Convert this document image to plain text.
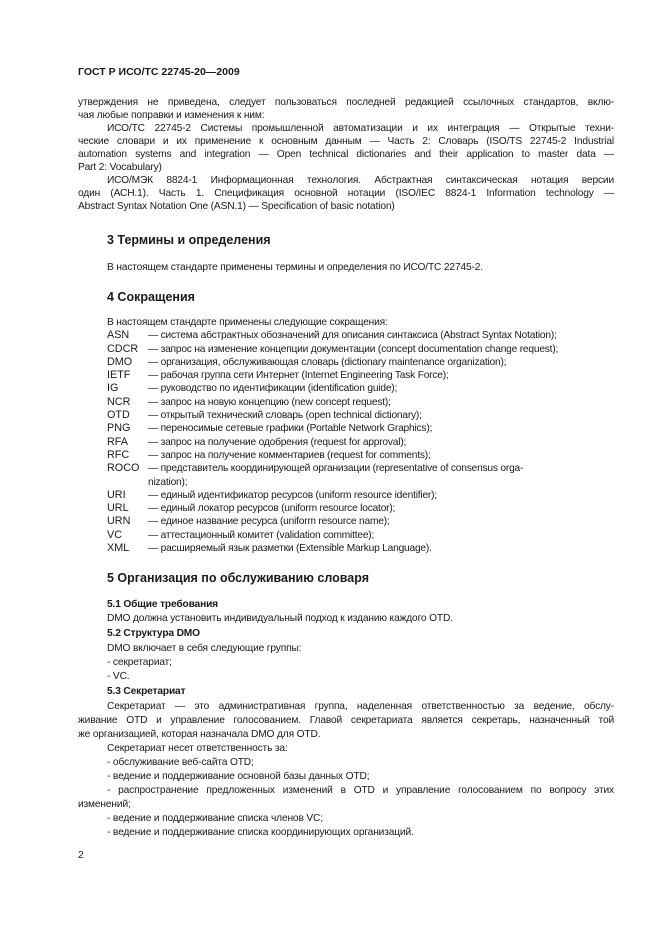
ГОСТ Р ИСО/ТС 22745-20—2009
утверждения не приведена, следует пользоваться последней редакцией ссылочных стандартов, вклю-
чая любые поправки и изменения к ним:
ИСО/ТС 22745-2 Системы промышленной автоматизации и их интеграция — Открытые техни-
ческие словари и их применение к основным данным — Часть 2: Словарь (ISO/TS 22745-2 Industrial
automation systems and integration — Open technical dictionaries and their application to master data —
Part 2: Vocabulary)
ИСО/МЭК 8824-1 Информационная технология. Абстрактная синтаксическая нотация версии
один (АСН.1). Часть 1. Спецификация основной нотации (ISO/IEC 8824-1 Information technology —
Abstract Syntax Notation One (ASN.1) — Specification of basic notation)
3 Термины и определения
В настоящем стандарте применены термины и определения по ИСО/ТС 22745-2.
4 Сокращения
В настоящем стандарте применены следующие сокращения:
ASN	— система абстрактных обозначений для описания синтаксиса (Abstract Syntax Notation);
CDCR — запрос на изменение концепции документации (concept documentation change request);
DMO	— организация, обслуживающая словарь (dictionary maintenance organization);
IETF	— рабочая группа сети Интернет (Internet Engineering Task Force);
IG	— руководство по идентификации (identification guide);
NCR	— запрос на новую концепцию (new concept request);
OTD	— открытый технический словарь (open technical dictionary);
PNG	— переносимые сетевые графики (Portable Network Graphics);
RFA	— запрос на получение одобрения (request for approval);
RFC	— запрос на получение комментариев (request for comments);
ROCO — представитель координирующей организации (representative of consensus orga-
nization);
URI	— единый идентификатор ресурсов (uniform resource identifier);
URL	— единый локатор ресурсов (uniform resource locator);
URN	— единое название ресурса (uniform resource name);
VC	— аттестационный комитет (validation committee);
XML	— расширяемый язык разметки (Extensible Markup Language).
5 Организация по обслуживанию словаря
5.1 Общие требования
DMO должна установить индивидуальный подход к изданию каждого OTD.
5.2 Структура DMO
DMO включает в себя следующие группы:
- секретариат;
- VC.
5.3 Секретариат
Секретариат — это административная группа, наделенная ответственностью за ведение, обслу-
живание OTD и управление голосованием. Главой секретариата является секретарь, назначенный той
же организацией, которая назначала DMO для OTD.
Секретариат несет ответственность за:
- обслуживание веб-сайта OTD;
- ведение и поддерживание основной базы данных OTD;
- распространение предложенных изменений в OTD и управление голосованием по вопросу этих
изменений;
- ведение и поддерживание списка членов VC;
- ведение и поддерживание списка координирующих организаций.
2
